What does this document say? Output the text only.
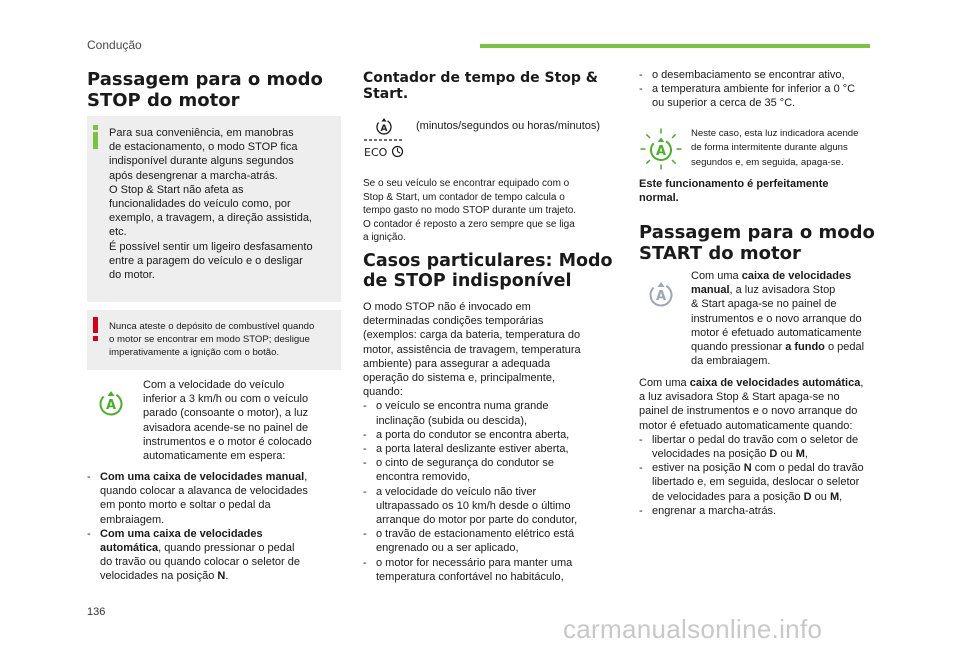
Condução
Passagem para o modo
STOP do motor

Para sua conveniência, em manobras

de estacionamento, o modo STOP fica

indisponível durante alguns segundos

após desengrenar a marcha-atrás.

O Stop & Start não afeta as

funcionalidades do veículo como, por

exemplo, a travagem, a direção assistida,

etc.

É possível sentir um ligeiro desfasamento

entre a paragem do veículo e o desligar

do motor.

Nunca ateste o depósito de combustível quando

o motor se encontrar em modo STOP; desligue

imperativamente a ignição com o botão.

A

Com a velocidade do veículo

inferior a 3 km/h ou com o veículo

parado (consoante o motor), a luz

avisadora acende-se no painel de

instrumentos e o motor é colocado

automaticamente em espera:

- Com uma caixa de velocidades manual,

quando colocar a alavanca de velocidades

em ponto morto e soltar o pedal da

embraiagem.

- Com uma caixa de velocidades

automática, quando pressionar o pedal

do travão ou quando colocar o seletor de

velocidades na posição N.

Contador de tempo de Stop &
Start.
A
ECO
(minutos/segundos ou horas/minutos)

Se o seu veículo se encontrar equipado com o

Stop & Start, um contador de tempo calcula o

tempo gasto no modo STOP durante um trajeto.

O contador é reposto a zero sempre que se liga

a ignição.

Casos particulares: Modo
de STOP indisponível

O modo STOP não é invocado em

determinadas condições temporárias

(exemplos: carga da bateria, temperatura do

motor, assistência de travagem, temperatura

ambiente) para assegurar a adequada

operação do sistema e, principalmente,

quando:

- o veículo se encontra numa grande

inclinação (subida ou descida),

- a porta do condutor se encontra aberta,

- a porta lateral deslizante estiver aberta,

- o cinto de segurança do condutor se

encontra removido,

- a velocidade do veículo não tiver

ultrapassado os 10 km/h desde o último

arranque do motor por parte do condutor,

- o travão de estacionamento elétrico está

engrenado ou a ser aplicado,

- o motor for necessário para manter uma

temperatura confortável no habitáculo,

- o desembaciamento se encontrar ativo,

- a temperatura ambiente for inferior a 0 °C

ou superior a cerca de 35 °C.

A

Neste caso, esta luz indicadora acende

de forma intermitente durante alguns

segundos e, em seguida, apaga-se.

Este funcionamento é perfeitamente

normal.

Passagem para o modo
START do motor
A

Com uma caixa de velocidades

manual, a luz avisadora Stop

& Start apaga-se no painel de

instrumentos e o novo arranque do

motor é efetuado automaticamente

quando pressionar a fundo o pedal

da embraiagem.

Com uma caixa de velocidades automática,

a luz avisadora Stop & Start apaga-se no

painel de instrumentos e o novo arranque do

motor é efetuado automaticamente quando:

- libertar o pedal do travão com o seletor de

velocidades na posição D ou M,

- estiver na posição N com o pedal do travão

libertado e, em seguida, deslocar o seletor

de velocidades para a posição D ou M,

- engrenar a marcha-atrás.

136
carmanualsonline.info
